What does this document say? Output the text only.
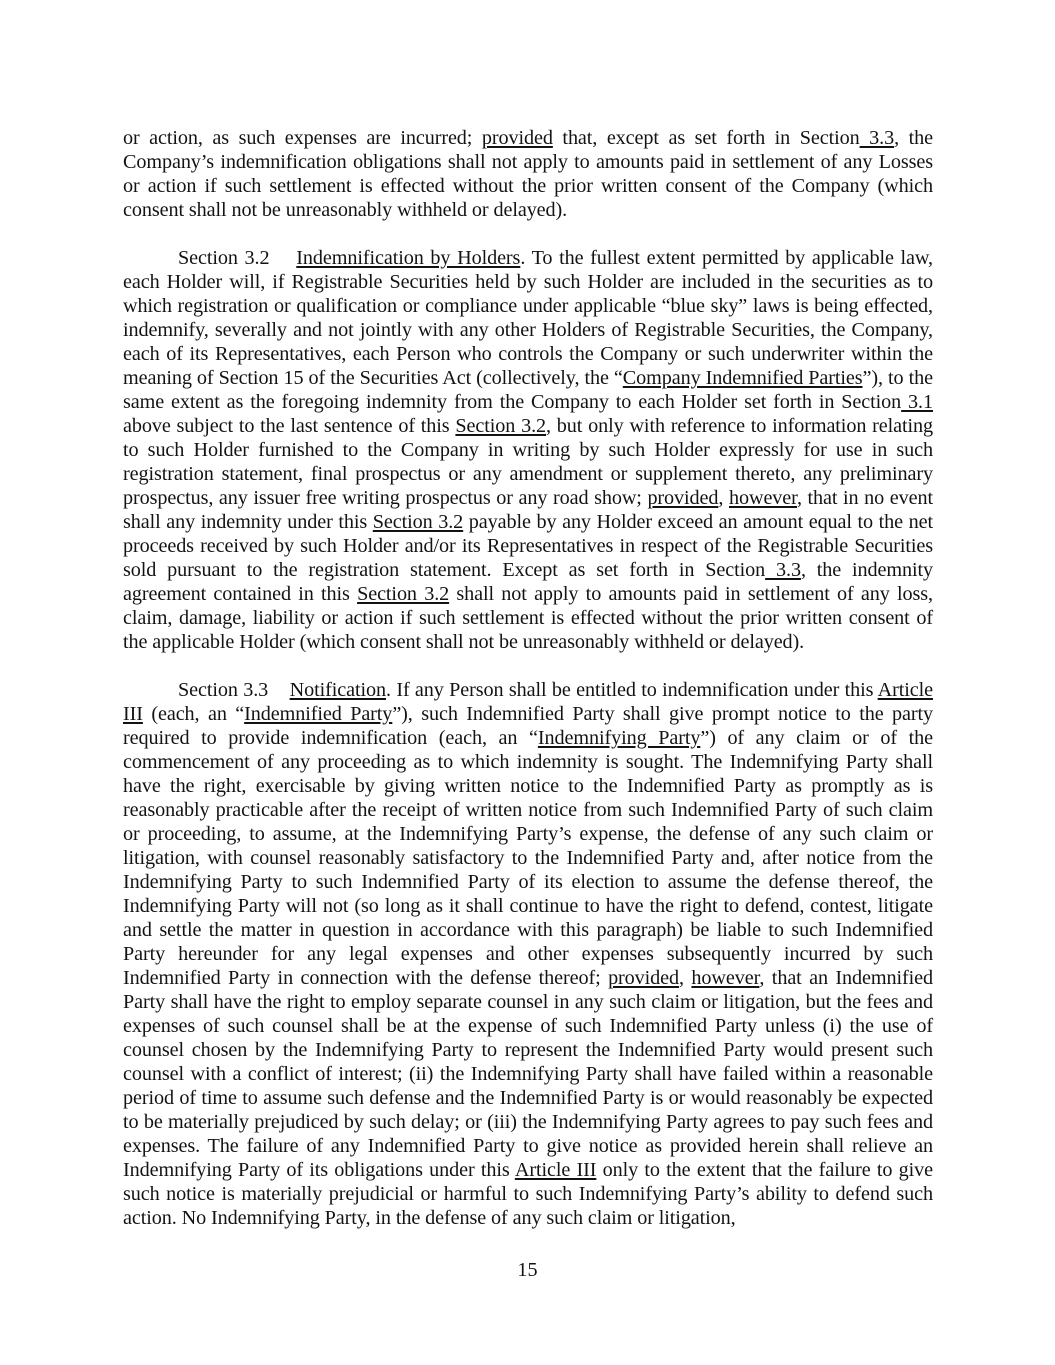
or action, as such expenses are incurred; provided that, except as set forth in Section 3.3, the Company’s indemnification obligations shall not apply to amounts paid in settlement of any Losses or action if such settlement is effected without the prior written consent of the Company (which consent shall not be unreasonably withheld or delayed).

Section 3.2    Indemnification by Holders. To the fullest extent permitted by applicable law, each Holder will, if Registrable Securities held by such Holder are included in the securities as to which registration or qualification or compliance under applicable “blue sky” laws is being effected, indemnify, severally and not jointly with any other Holders of Registrable Securities, the Company, each of its Representatives, each Person who controls the Company or such underwriter within the meaning of Section 15 of the Securities Act (collectively, the “Company Indemnified Parties”), to the same extent as the foregoing indemnity from the Company to each Holder set forth in Section 3.1 above subject to the last sentence of this Section 3.2, but only with reference to information relating to such Holder furnished to the Company in writing by such Holder expressly for use in such registration statement, final prospectus or any amendment or supplement thereto, any preliminary prospectus, any issuer free writing prospectus or any road show; provided, however, that in no event shall any indemnity under this Section 3.2 payable by any Holder exceed an amount equal to the net proceeds received by such Holder and/or its Representatives in respect of the Registrable Securities sold pursuant to the registration statement. Except as set forth in Section 3.3, the indemnity agreement contained in this Section 3.2 shall not apply to amounts paid in settlement of any loss, claim, damage, liability or action if such settlement is effected without the prior written consent of the applicable Holder (which consent shall not be unreasonably withheld or delayed).

Section 3.3    Notification. If any Person shall be entitled to indemnification under this Article III (each, an “Indemnified Party”), such Indemnified Party shall give prompt notice to the party required to provide indemnification (each, an “Indemnifying Party”) of any claim or of the commencement of any proceeding as to which indemnity is sought. The Indemnifying Party shall have the right, exercisable by giving written notice to the Indemnified Party as promptly as is reasonably practicable after the receipt of written notice from such Indemnified Party of such claim or proceeding, to assume, at the Indemnifying Party’s expense, the defense of any such claim or litigation, with counsel reasonably satisfactory to the Indemnified Party and, after notice from the Indemnifying Party to such Indemnified Party of its election to assume the defense thereof, the Indemnifying Party will not (so long as it shall continue to have the right to defend, contest, litigate and settle the matter in question in accordance with this paragraph) be liable to such Indemnified Party hereunder for any legal expenses and other expenses subsequently incurred by such Indemnified Party in connection with the defense thereof; provided, however, that an Indemnified Party shall have the right to employ separate counsel in any such claim or litigation, but the fees and expenses of such counsel shall be at the expense of such Indemnified Party unless (i) the use of counsel chosen by the Indemnifying Party to represent the Indemnified Party would present such counsel with a conflict of interest; (ii) the Indemnifying Party shall have failed within a reasonable period of time to assume such defense and the Indemnified Party is or would reasonably be expected to be materially prejudiced by such delay; or (iii) the Indemnifying Party agrees to pay such fees and expenses. The failure of any Indemnified Party to give notice as provided herein shall relieve an Indemnifying Party of its obligations under this Article III only to the extent that the failure to give such notice is materially prejudicial or harmful to such Indemnifying Party’s ability to defend such action. No Indemnifying Party, in the defense of any such claim or litigation,

15
